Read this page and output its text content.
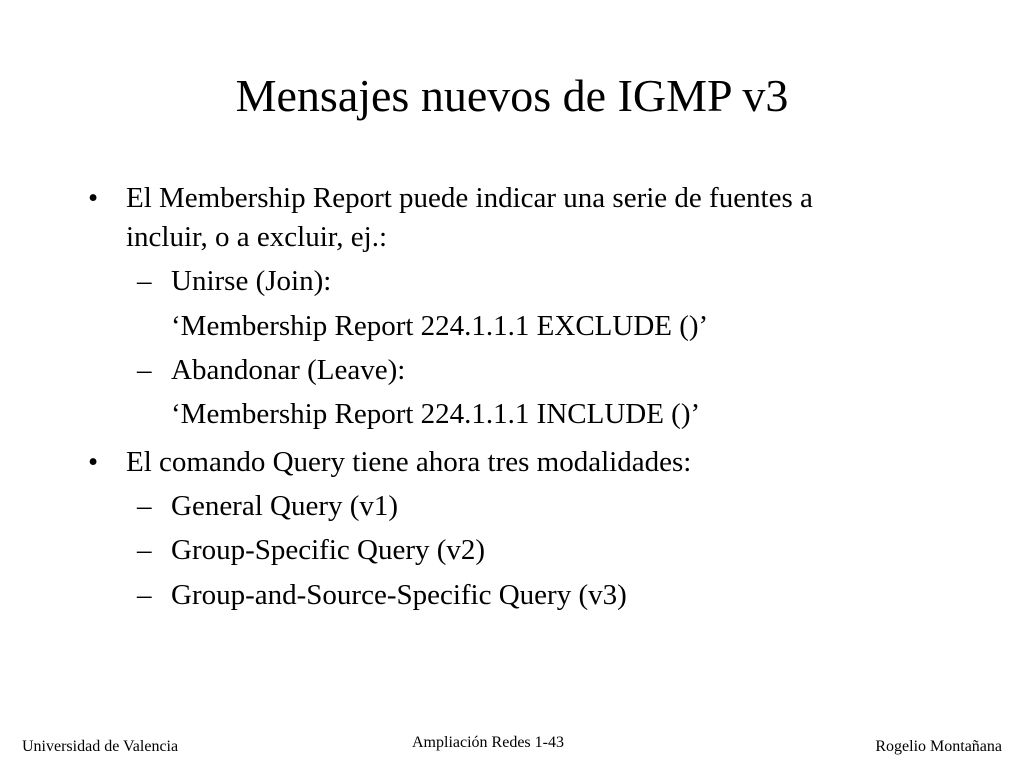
Mensajes nuevos de IGMP v3
• El Membership Report puede indicar una serie de fuentes a
incluir, o a excluir, ej.:
– Unirse (Join):
‘Membership Report 224.1.1.1 EXCLUDE ()’
– Abandonar (Leave):
‘Membership Report 224.1.1.1 INCLUDE ()’
• El comando Query tiene ahora tres modalidades:
– General Query (v1)
– Group-Specific Query (v2)
– Group-and-Source-Specific Query (v3)
Universidad de Valencia	Ampliación Redes 1-43	Rogelio Montañana
